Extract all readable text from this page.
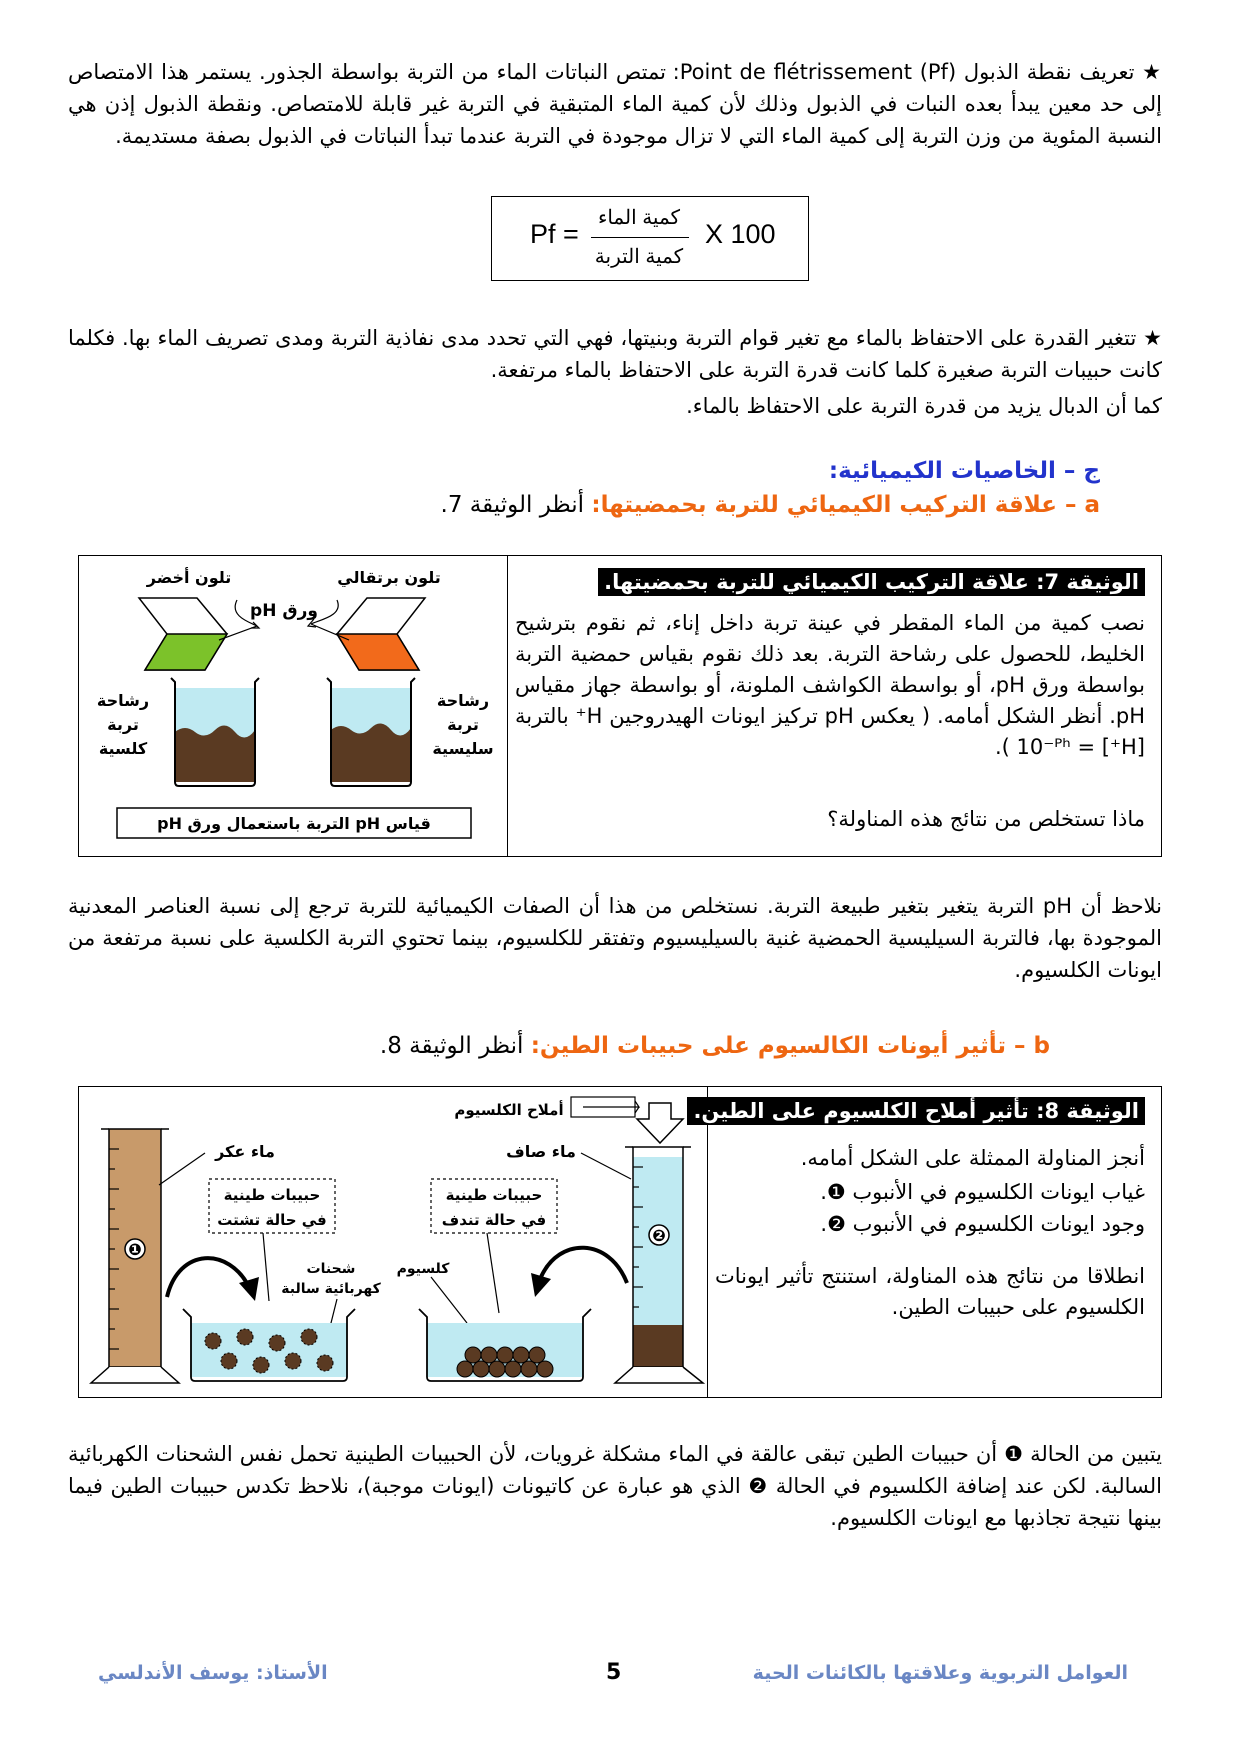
★ تعريف نقطة الذبول Point de flétrissement (Pf): تمتص النباتات الماء من التربة بواسطة الجذور. يستمر هذا الامتصاص إلى حد معين يبدأ بعده النبات في الذبول وذلك لأن كمية الماء المتبقية في التربة غير قابلة للامتصاص. ونقطة الذبول إذن هي النسبة المئوية من وزن التربة إلى كمية الماء التي لا تزال موجودة في التربة عندما تبدأ النباتات في الذبول بصفة مستديمة.
Pf =
كمية الماء
كمية التربة
X 100
★ تتغير القدرة على الاحتفاظ بالماء مع تغير قوام التربة وبنيتها، فهي التي تحدد مدى نفاذية التربة ومدى تصريف الماء بها. فكلما كانت حبيبات التربة صغيرة كلما كانت قدرة التربة على الاحتفاظ بالماء مرتفعة.
كما أن الدبال يزيد من قدرة التربة على الاحتفاظ بالماء.
ج – الخاصيات الكيميائية:
a – علاقة التركيب الكيميائي للتربة بحمضيتها: أنظر الوثيقة 7.
الوثيقة 7: علاقة التركيب الكيميائي للتربة بحمضيتها.
نصب كمية من الماء المقطر في عينة تربة داخل إناء، ثم نقوم بترشيح الخليط، للحصول على رشاحة التربة. بعد ذلك نقوم بقياس حمضية التربة بواسطة ورق pH، أو بواسطة الكواشف الملونة، أو بواسطة جهاز مقياس pH. أنظر الشكل أمامه. ( يعكس pH تركيز ايونات الهيدروجين H⁺ بالتربة [H⁺] = 10⁻ᴾʰ ).
ماذا تستخلص من نتائج هذه المناولة؟
تلون أخضر	تلون برتقالي
ورق pH
رشاحة
تربة
كلسية
رشاحة
تربة
سليسية
قياس pH التربة باستعمال ورق pH
نلاحظ أن pH التربة يتغير بتغير طبيعة التربة. نستخلص من هذا أن الصفات الكيميائية للتربة ترجع إلى نسبة العناصر المعدنية الموجودة بها، فالتربة السيليسية الحمضية غنية بالسيليسيوم وتفتقر للكلسيوم، بينما تحتوي التربة الكلسية على نسبة مرتفعة من ايونات الكلسيوم.
b – تأثير أيونات الكالسيوم على حبيبات الطين: أنظر الوثيقة 8.
الوثيقة 8: تأثير أملاح الكلسيوم على الطين.
أنجز المناولة الممثلة على الشكل أمامه.
غياب ايونات الكلسيوم في الأنبوب ❶.
وجود ايونات الكلسيوم في الأنبوب ❷.
انطلاقا من نتائج هذه المناولة، استنتج تأثير ايونات الكلسيوم على حبيبات الطين.
❶
❷
أملاح الكلسيوم
ماء عكر	ماء صاف
حبيبات طينية
في حالة تشتت
حبيبات طينية
في حالة تندف
شحنات
كهربائية سالبة
كلسيوم
يتبين من الحالة ❶ أن حبيبات الطين تبقى عالقة في الماء مشكلة غرويات، لأن الحبيبات الطينية تحمل نفس الشحنات الكهربائية السالبة. لكن عند إضافة الكلسيوم في الحالة ❷ الذي هو عبارة عن كاتيونات (ايونات موجبة)، نلاحظ تكدس حبيبات الطين فيما بينها نتيجة تجاذبها مع ايونات الكلسيوم.
العوامل التربوية وعلاقتها بالكائنات الحية
5
الأستاذ: يوسف الأندلسي
